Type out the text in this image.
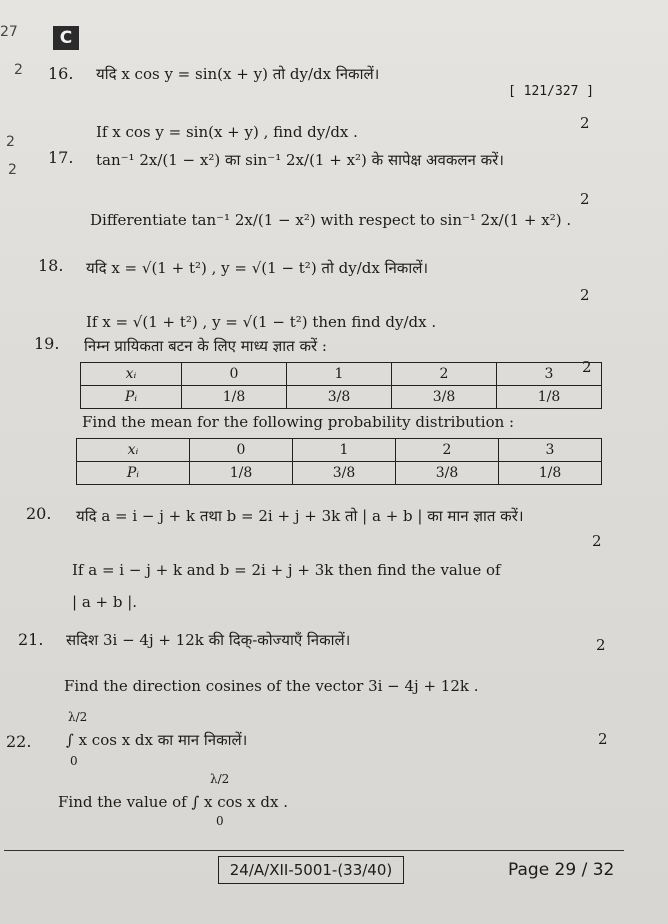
C
27
2
2
2
16. यदि x cos y = sin(x + y) तो dy/dx निकालें।
[ 121/327 ]
If x cos y = sin(x + y) , find dy/dx .	2
17. tan⁻¹ 2x/(1 − x²) का sin⁻¹ 2x/(1 + x²) के सापेक्ष अवकलन करें।
Differentiate tan⁻¹ 2x/(1 − x²) with respect to sin⁻¹ 2x/(1 + x²) .
2
18. यदि x = √(1 + t²) , y = √(1 − t²) तो dy/dx निकालें।
If x = √(1 + t²) , y = √(1 − t²) then find dy/dx .
2
19. निम्न प्रायिकता बटन के लिए माध्य ज्ञात करें :
2
xᵢ	0	1	2	3
Pᵢ	1/8	3/8	3/8	1/8
Find the mean for the following probability distribution :
xᵢ	0	1	2	3
Pᵢ	1/8	3/8	3/8	1/8
20. यदि a = i − j + k तथा b = 2i + j + 3k तो | a + b | का मान ज्ञात करें।
2
If a = i − j + k and b = 2i + j + 3k then find the value of
| a + b |.
21. सदिश 3i − 4j + 12k की दिक्-कोज्याएँ निकालें।	2
Find the direction cosines of the vector 3i − 4j + 12k .
λ/2
22. ∫ x cos x dx का मान निकालें।
0
2
λ/2
Find the value of ∫ x cos x dx .
0
24/A/XII-5001-(33/40)	Page 29 / 32
